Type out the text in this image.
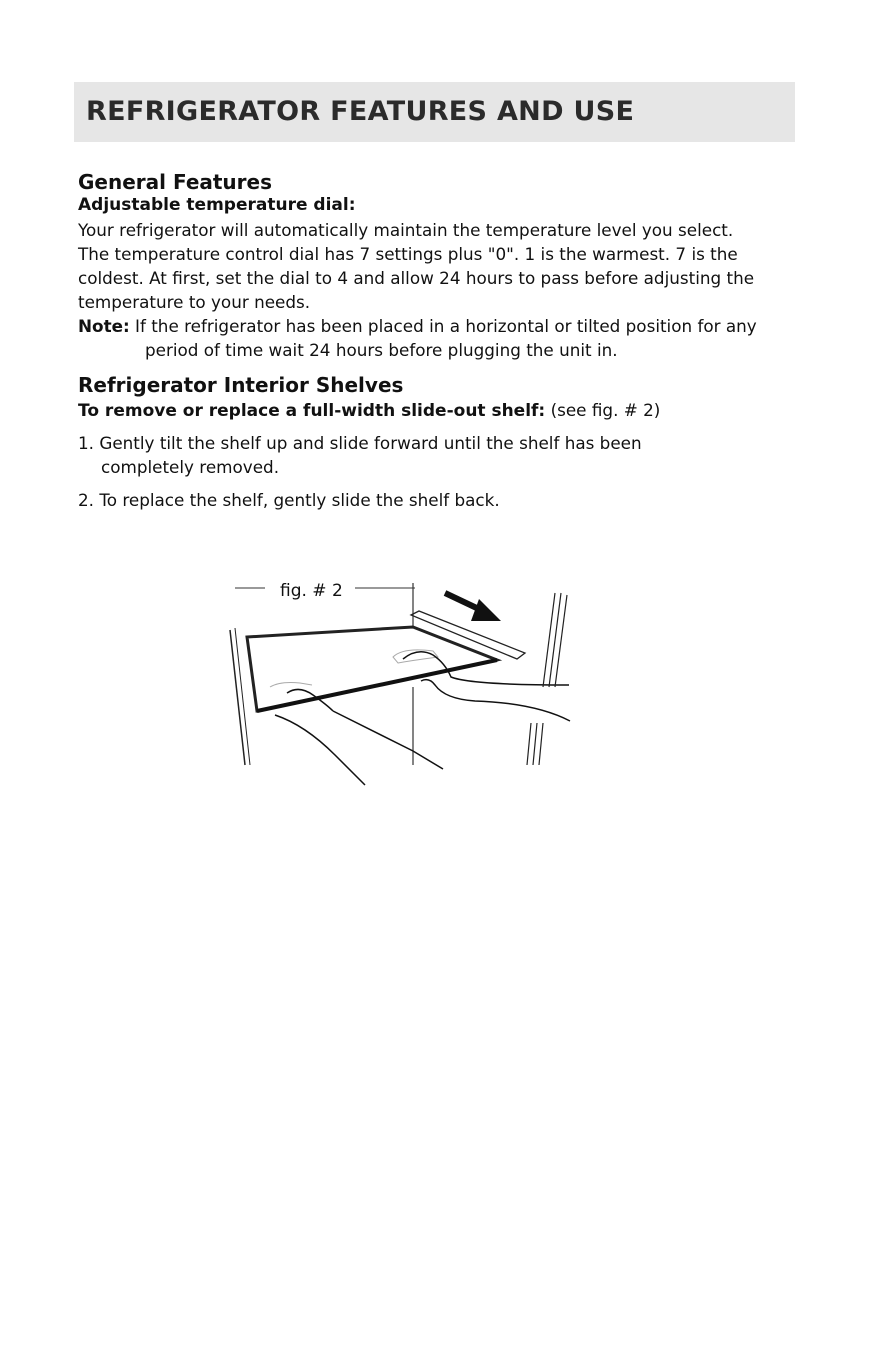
REFRIGERATOR FEATURES AND USE
General Features
Adjustable temperature dial:
Your refrigerator will automatically maintain the temperature level you select.
The temperature control dial has 7 settings plus "0". 1 is the warmest. 7 is the
coldest. At first, set the dial to 4 and allow 24 hours to pass before adjusting the
temperature to your needs.
Note: If the refrigerator has been placed in a horizontal or tilted position for any
period of time wait 24 hours before plugging the unit in.
Refrigerator Interior Shelves
To remove or replace a full-width slide-out shelf: (see fig. # 2)
1. Gently tilt the shelf up and slide forward until the shelf has been
completely removed.
2. To replace the shelf, gently slide the shelf back.
fig. # 2
